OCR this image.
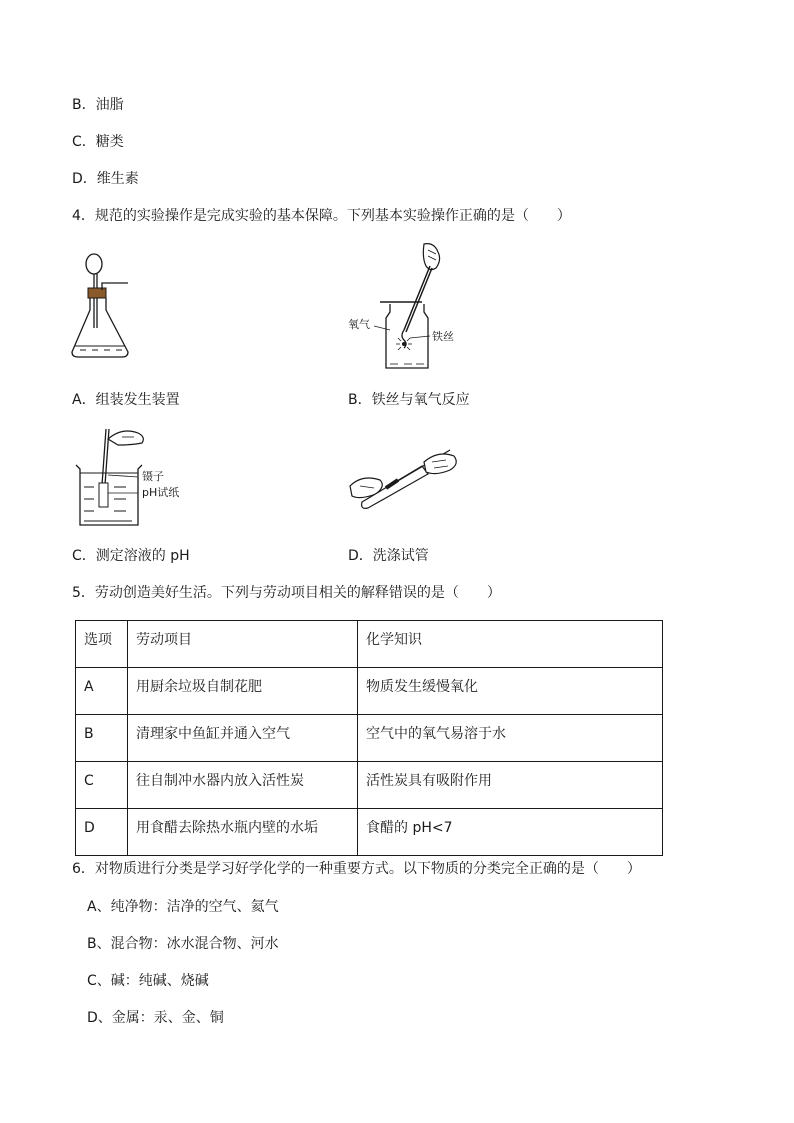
B．油脂
C．糖类
D．维生素
4．规范的实验操作是完成实验的基本保障。下列基本实验操作正确的是（　　）
氧气
铁丝
A．组装发生装置	B．铁丝与氧气反应
镊子
pH试纸
C．测定溶液的 pH	D．洗涤试管
5．劳动创造美好生活。下列与劳动项目相关的解释错误的是（　　）
选项	劳动项目	化学知识
A	用厨余垃圾自制花肥	物质发生缓慢氧化
B	清理家中鱼缸并通入空气	空气中的氧气易溶于水
C	往自制冲水器内放入活性炭	活性炭具有吸附作用
D	用食醋去除热水瓶内壁的水垢	食醋的 pH<7
6．对物质进行分类是学习好学化学的一种重要方式。以下物质的分类完全正确的是（　　）
A、纯净物：洁净的空气、氦气
B、混合物：冰水混合物、河水
C、碱：纯碱、烧碱
D、金属：汞、金、铜
